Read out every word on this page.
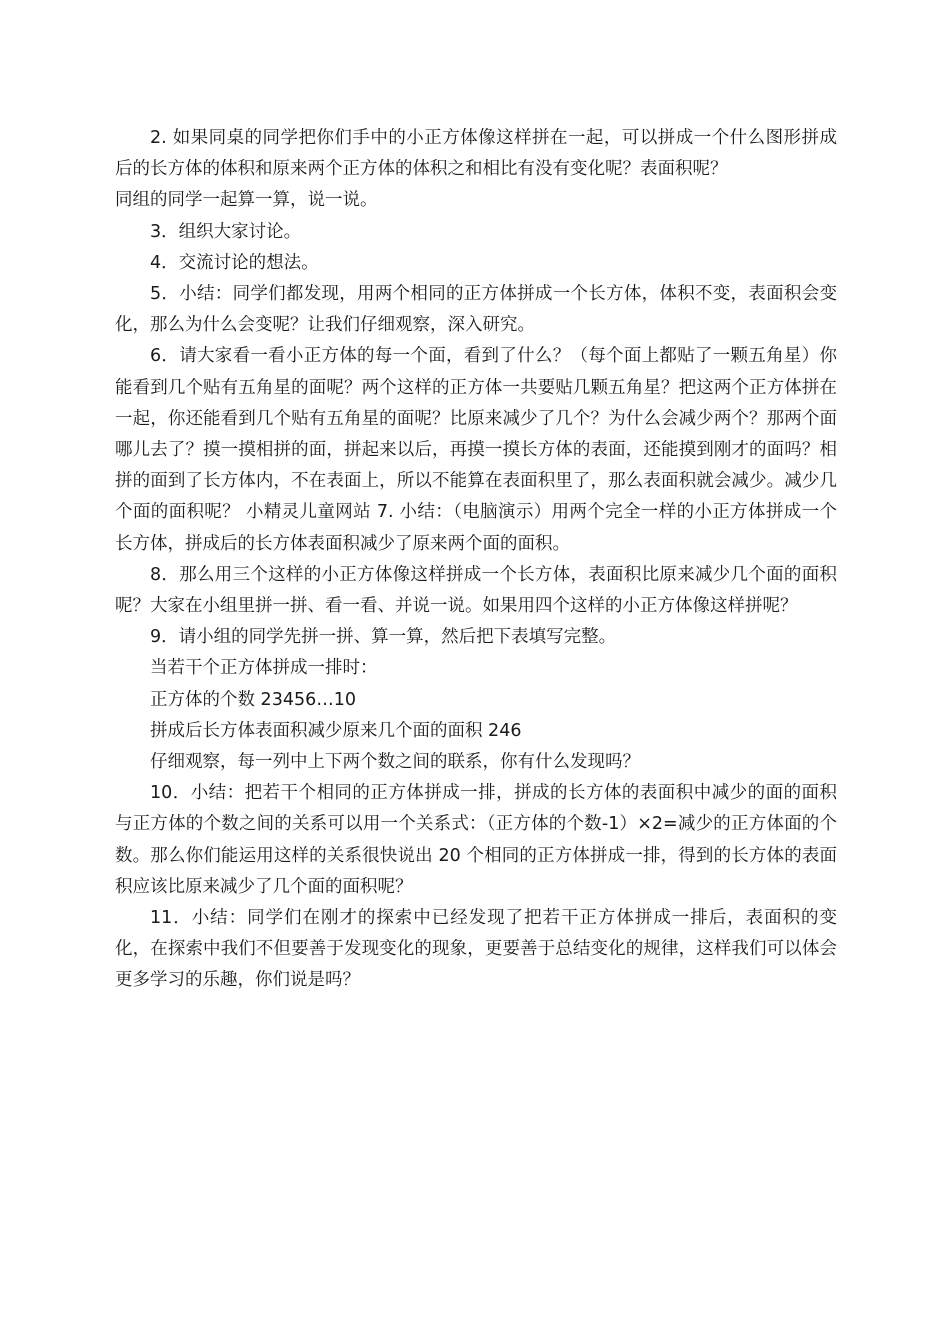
2. 如果同桌的同学把你们手中的小正方体像这样拼在一起，可以拼成一个什么图形拼成后的长方体的体积和原来两个正方体的体积之和相比有没有变化呢？表面积呢？

同组的同学一起算一算，说一说。

3．组织大家讨论。

4．交流讨论的想法。

5．小结：同学们都发现，用两个相同的正方体拼成一个长方体，体积不变，表面积会变化，那么为什么会变呢？让我们仔细观察，深入研究。

6．请大家看一看小正方体的每一个面，看到了什么？（每个面上都贴了一颗五角星）你能看到几个贴有五角星的面呢？两个这样的正方体一共要贴几颗五角星？把这两个正方体拼在一起，你还能看到几个贴有五角星的面呢？比原来减少了几个？为什么会减少两个？那两个面哪儿去了？摸一摸相拼的面，拼起来以后，再摸一摸长方体的表面，还能摸到刚才的面吗？相拼的面到了长方体内，不在表面上，所以不能算在表面积里了，那么表面积就会减少。减少几个面的面积呢？ 小精灵儿童网站 7. 小结：（电脑演示）用两个完全一样的小正方体拼成一个长方体，拼成后的长方体表面积减少了原来两个面的面积。

8．那么用三个这样的小正方体像这样拼成一个长方体，表面积比原来减少几个面的面积呢？大家在小组里拼一拼、看一看、并说一说。如果用四个这样的小正方体像这样拼呢？

9．请小组的同学先拼一拼、算一算，然后把下表填写完整。

当若干个正方体拼成一排时：

正方体的个数 23456…10

拼成后长方体表面积减少原来几个面的面积 246

仔细观察，每一列中上下两个数之间的联系，你有什么发现吗？

10．小结：把若干个相同的正方体拼成一排，拼成的长方体的表面积中减少的面的面积与正方体的个数之间的关系可以用一个关系式：（正方体的个数-1）×2=减少的正方体面的个数。那么你们能运用这样的关系很快说出 20 个相同的正方体拼成一排，得到的长方体的表面积应该比原来减少了几个面的面积呢？

11．小结：同学们在刚才的探索中已经发现了把若干正方体拼成一排后，表面积的变化，在探索中我们不但要善于发现变化的现象，更要善于总结变化的规律，这样我们可以体会更多学习的乐趣，你们说是吗？
